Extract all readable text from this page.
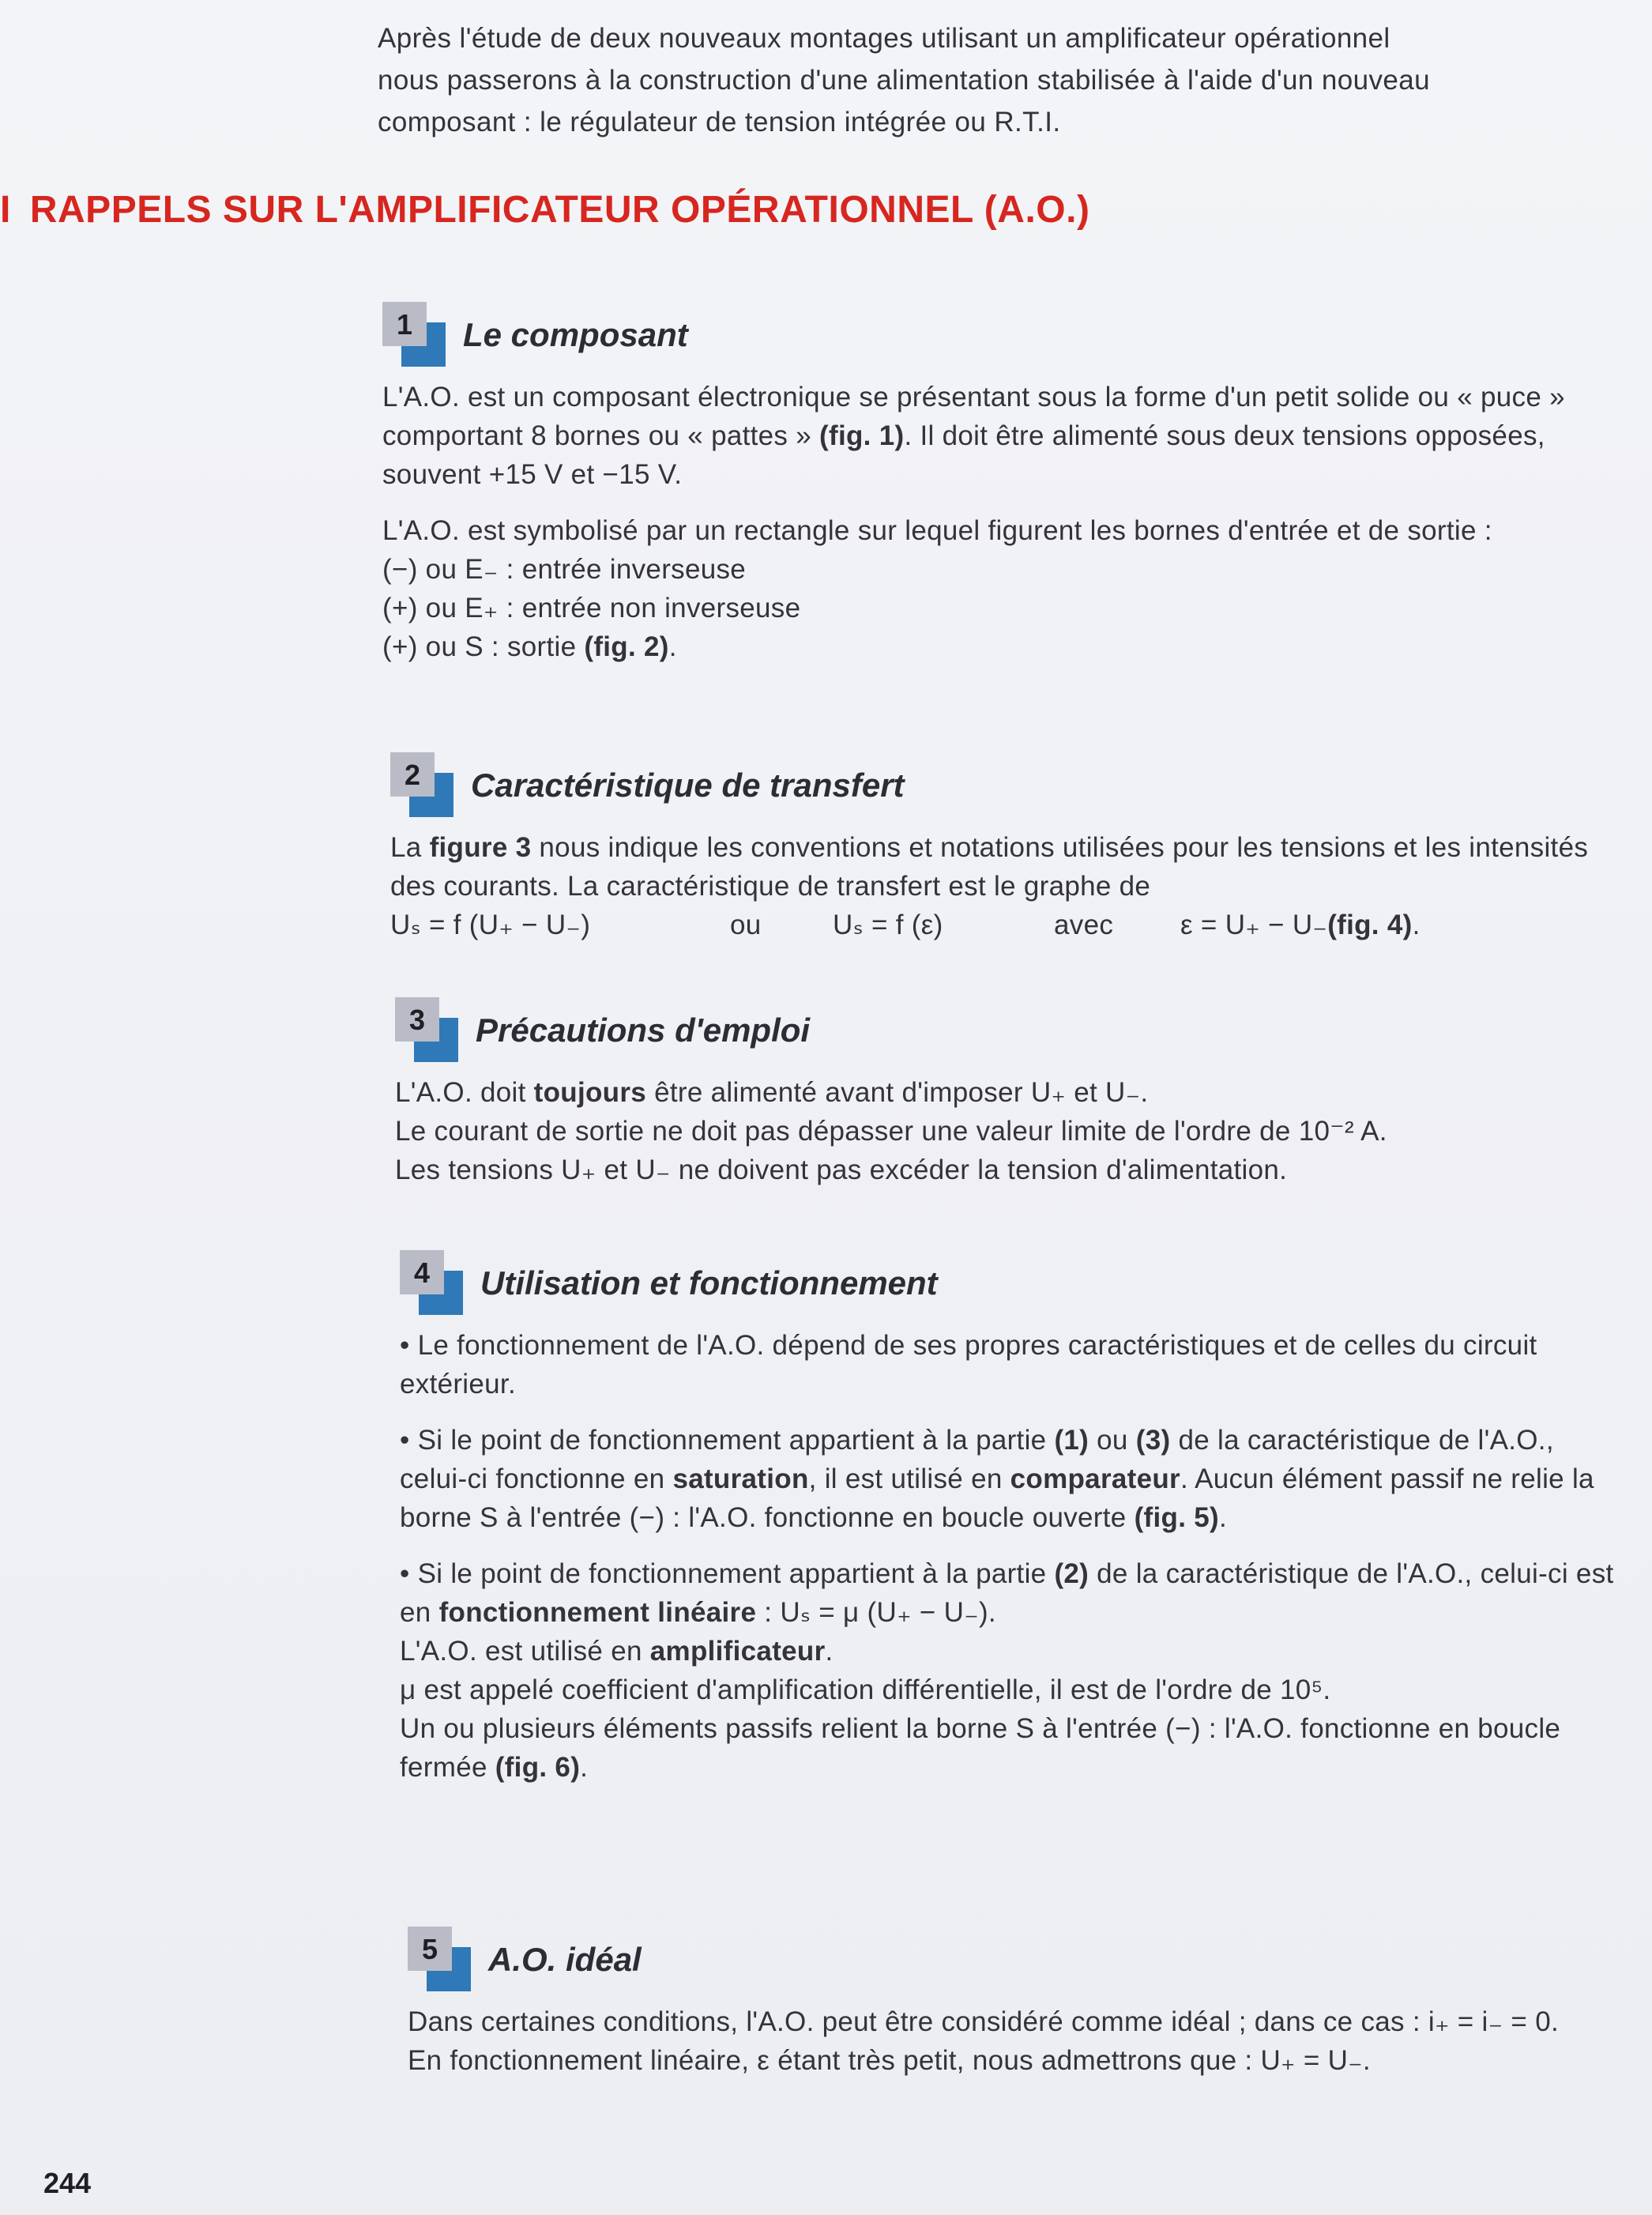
Après l'étude de deux nouveaux montages utilisant un amplificateur opérationnel

nous passerons à la construction d'une alimentation stabilisée à l'aide d'un nouveau

composant : le régulateur de tension intégrée ou R.T.I.

I RAPPELS SUR L'AMPLIFICATEUR OPÉRATIONNEL (A.O.)
1	Le composant

L'A.O. est un composant électronique se présentant sous la forme d'un petit solide ou « puce » comportant 8 bornes ou « pattes » (fig. 1). Il doit être alimenté sous deux tensions opposées, souvent +15 V et −15 V.

L'A.O. est symbolisé par un rectangle sur lequel figurent les bornes d'entrée et de sortie :

(−) ou E₋ : entrée inverseuse

(+) ou E₊ : entrée non inverseuse

(+) ou S : sortie (fig. 2).

2	Caractéristique de transfert

La figure 3 nous indique les conventions et notations utilisées pour les tensions et les intensités des courants. La caractéristique de transfert est le graphe de

Uₛ = f (U₊ − U₋)	ou	Uₛ = f (ε)	avec	ε = U₊ − U₋ (fig. 4) .

3	Précautions d'emploi

L'A.O. doit toujours être alimenté avant d'imposer U₊ et U₋.

Le courant de sortie ne doit pas dépasser une valeur limite de l'ordre de 10⁻² A.

Les tensions U₊ et U₋ ne doivent pas excéder la tension d'alimentation.

4	Utilisation et fonctionnement

• Le fonctionnement de l'A.O. dépend de ses propres caractéristiques et de celles du circuit extérieur.

• Si le point de fonctionnement appartient à la partie (1) ou (3) de la caractéristique de l'A.O., celui-ci fonctionne en saturation, il est utilisé en comparateur. Aucun élément passif ne relie la borne S à l'entrée (−) : l'A.O. fonctionne en boucle ouverte (fig. 5).

• Si le point de fonctionnement appartient à la partie (2) de la caractéristique de l'A.O., celui-ci est en fonctionnement linéaire : Uₛ = μ (U₊ − U₋).

L'A.O. est utilisé en amplificateur.

μ est appelé coefficient d'amplification différentielle, il est de l'ordre de 10⁵.

Un ou plusieurs éléments passifs relient la borne S à l'entrée (−) : l'A.O. fonctionne en boucle fermée (fig. 6).

5	A.O. idéal

Dans certaines conditions, l'A.O. peut être considéré comme idéal ; dans ce cas : i₊ = i₋ = 0.

En fonctionnement linéaire, ε étant très petit, nous admettrons que : U₊ = U₋.

244
